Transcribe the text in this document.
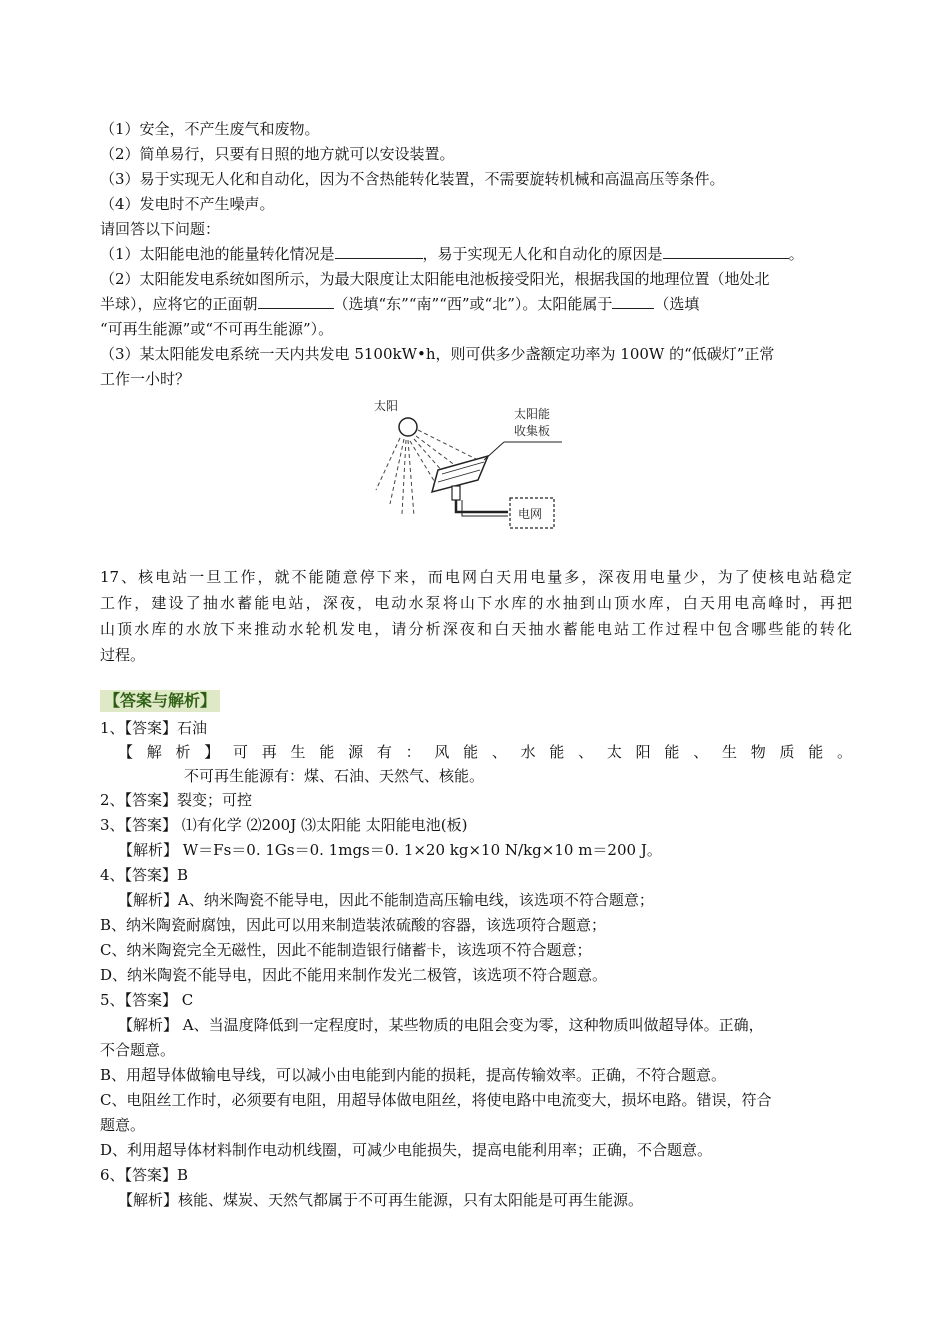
（1）安全，不产生废气和废物。
（2）简单易行，只要有日照的地方就可以安设装置。
（3）易于实现无人化和自动化，因为不含热能转化装置，不需要旋转机械和高温高压等条件。
（4）发电时不产生噪声。
请回答以下问题：
（1）太阳能电池的能量转化情况是	，易于实现无人化和自动化的原因是	。
（2）太阳能发电系统如图所示，为最大限度让太阳能电池板接受阳光，根据我国的地理位置（地处北
半球），应将它的正面朝	（选填“东”“南”“西”或“北”）。太阳能属于	（选填
“可再生能源”或“不可再生能源”）。
（3）某太阳能发电系统一天内共发电 5100kW•h，则可供多少盏额定功率为 100W 的“低碳灯”正常
工作一小时？
太阳
太阳能
收集板
电网
17、核电站一旦工作，就不能随意停下来，而电网白天用电量多，深夜用电量少，为了使核电站稳定
工作，建设了抽水蓄能电站，深夜，电动水泵将山下水库的水抽到山顶水库，白天用电高峰时，再把
山顶水库的水放下来推动水轮机发电，请分析深夜和白天抽水蓄能电站工作过程中包含哪些能的转化
过程。
【答案与解析】
1、【答案】石油
【解析】可再生能源有：风能、水能、太阳能、生物质能。
不可再生能源有：煤、石油、天然气、核能。
2、【答案】裂变；可控
3、【答案】 ⑴有化学 ⑵200J ⑶太阳能 太阳能电池(板)
【解析】 W＝Fs＝0. 1Gs＝0. 1mgs＝0. 1×20 kg×10 N/kg×10 m＝200 J。
4、【答案】B
【解析】A、纳米陶瓷不能导电，因此不能制造高压输电线，该选项不符合题意；
B、纳米陶瓷耐腐蚀，因此可以用来制造装浓硫酸的容器，该选项符合题意；
C、纳米陶瓷完全无磁性，因此不能制造银行储蓄卡，该选项不符合题意；
D、纳米陶瓷不能导电，因此不能用来制作发光二极管，该选项不符合题意。
5、【答案】 C
【解析】 A、当温度降低到一定程度时，某些物质的电阻会变为零，这种物质叫做超导体。正确，
不合题意。
B、用超导体做输电导线，可以减小由电能到内能的损耗，提高传输效率。正确，不符合题意。
C、电阻丝工作时，必须要有电阻，用超导体做电阻丝，将使电路中电流变大，损坏电路。错误，符合
题意。
D、利用超导体材料制作电动机线圈，可减少电能损失，提高电能利用率；正确，不合题意。
6、【答案】B
【解析】核能、煤炭、天然气都属于不可再生能源，只有太阳能是可再生能源。
